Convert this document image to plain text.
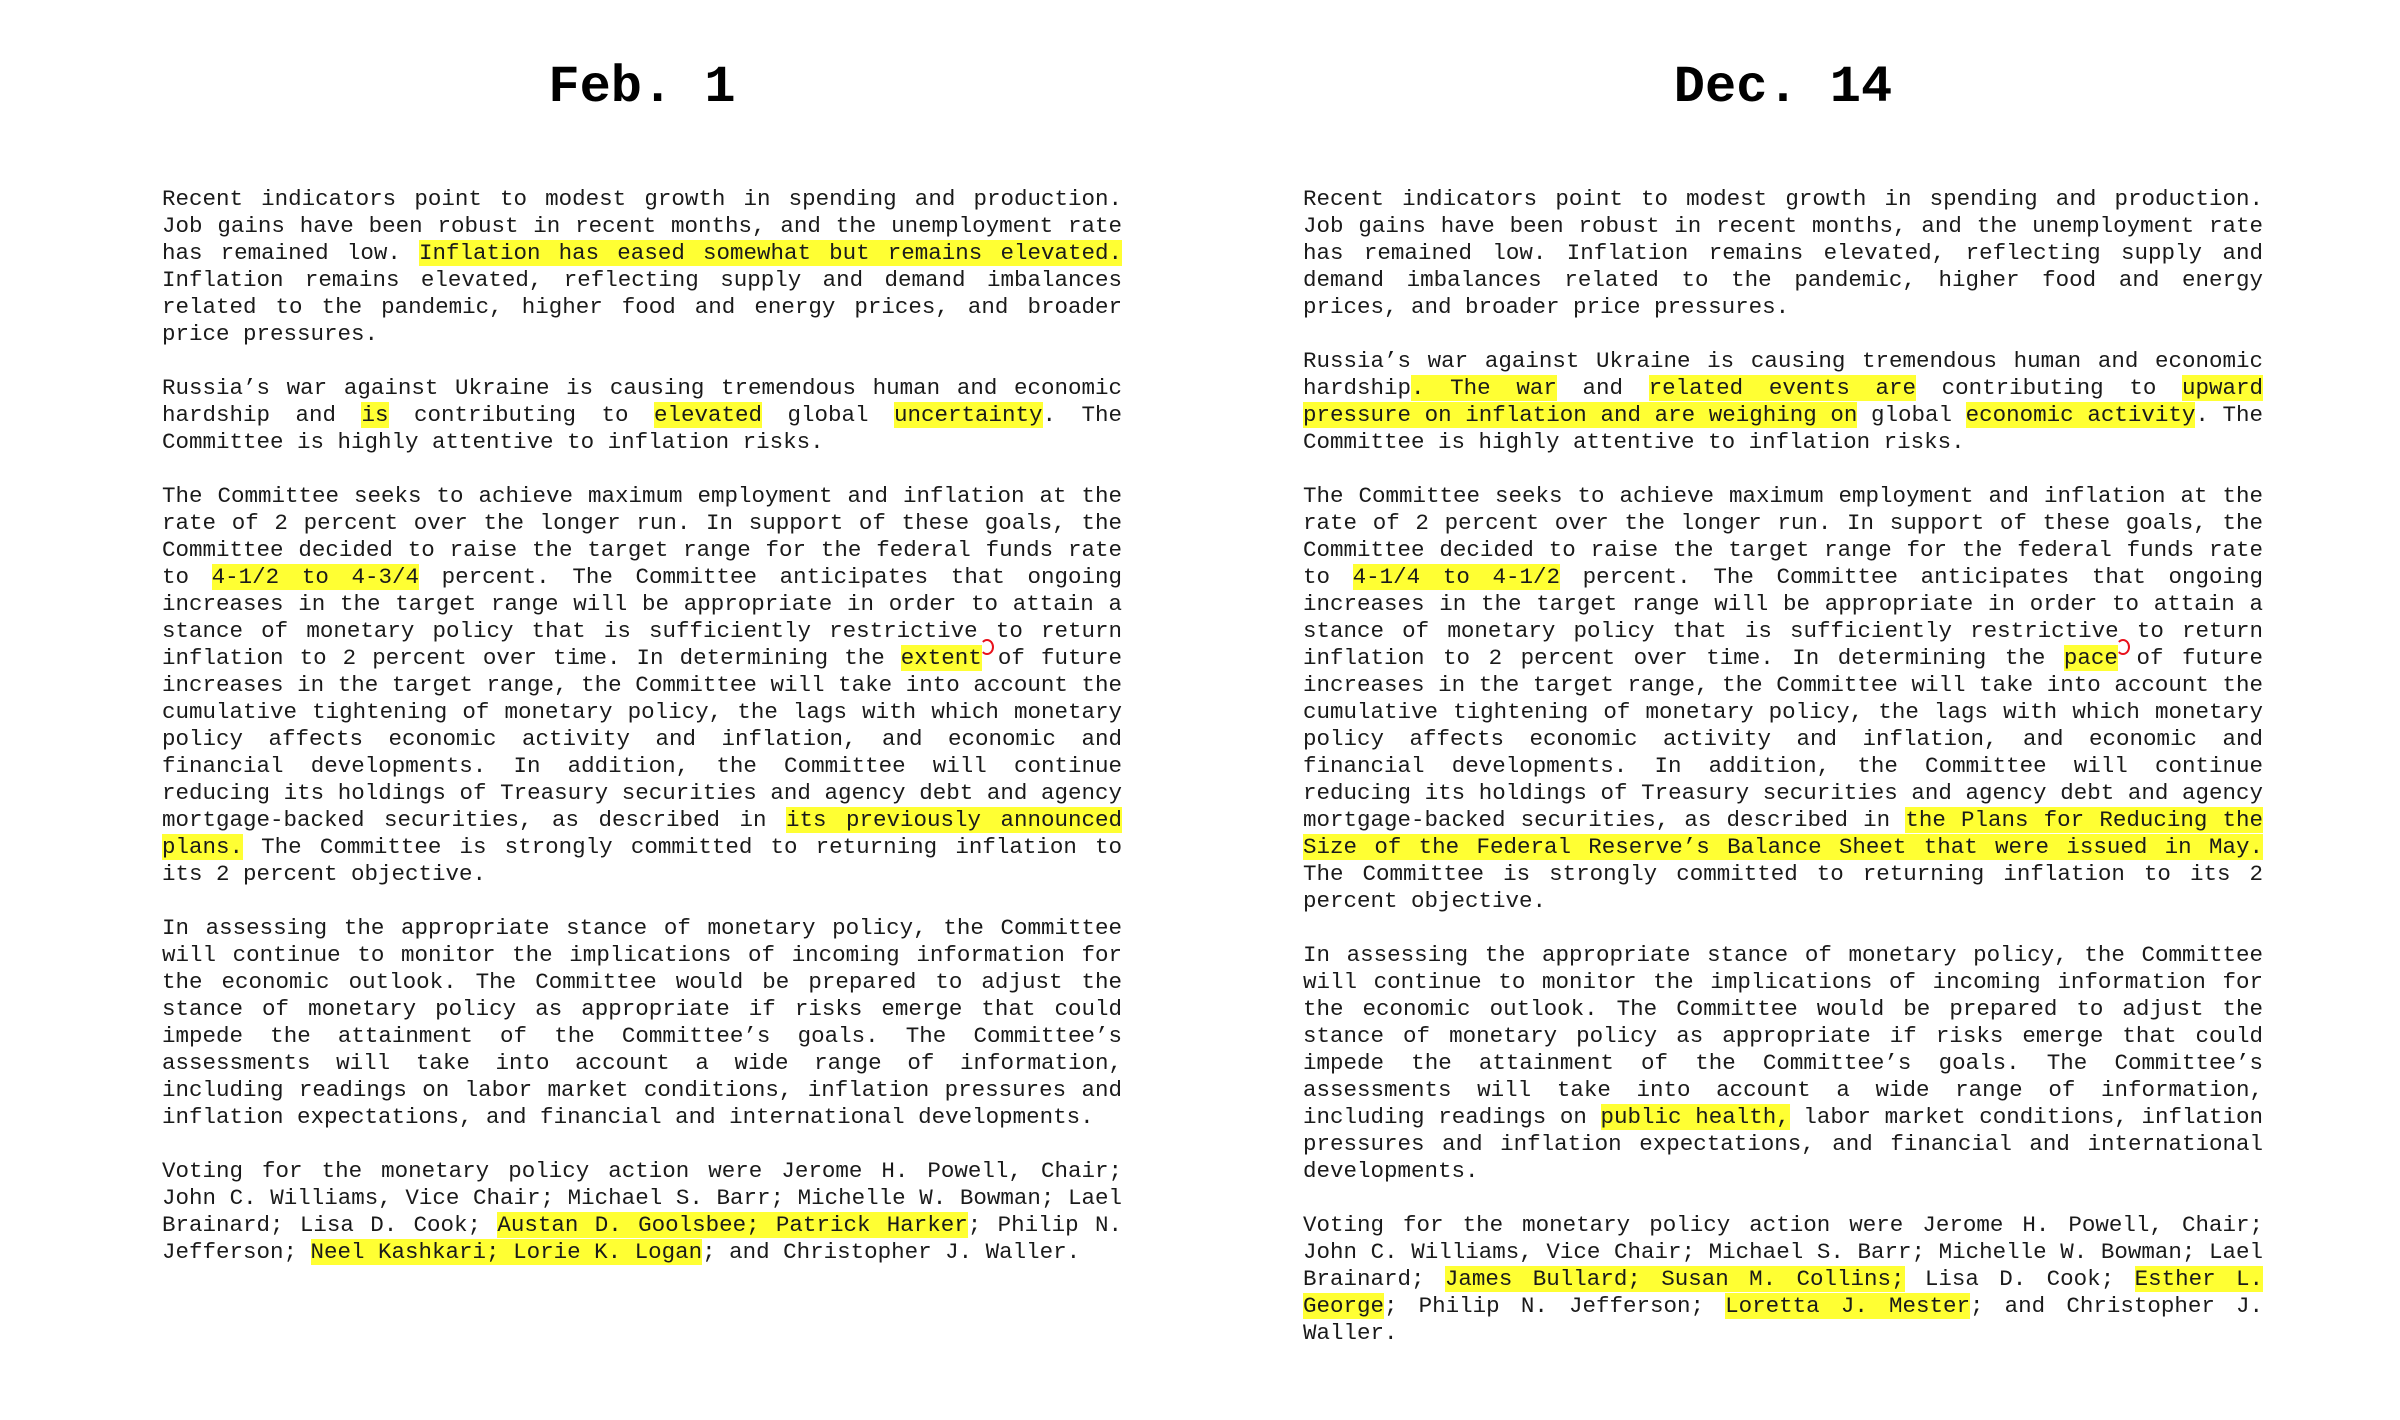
Feb. 1

Recent indicators point to modest growth in spending and production. Job gains have been robust in recent months, and the unemployment rate has remained low. Inflation has eased somewhat but remains elevated. Inflation remains elevated, reflecting supply and demand imbalances related to the pandemic, higher food and energy prices, and broader price pressures.

Russia’s war against Ukraine is causing tremendous human and economic hardship and is contributing to elevated global uncertainty. The Committee is highly attentive to inflation risks.

The Committee seeks to achieve maximum employment and inflation at the rate of 2 percent over the longer run. In support of these goals, the Committee decided to raise the target range for the federal funds rate to 4-1/2 to 4-3/4 percent. The Committee anticipates that ongoing increases in the target range will be appropriate in order to attain a stance of monetary policy that is sufficiently restrictive to return inflation to 2 percent over time. In determining the extent of future increases in the target range, the Committee will take into account the cumulative tightening of monetary policy, the lags with which monetary policy affects economic activity and inflation, and economic and financial developments. In addition, the Committee will continue reducing its holdings of Treasury securities and agency debt and agency mortgage-backed securities, as described in its previously announced plans. The Committee is strongly committed to returning inflation to its 2 percent objective.

In assessing the appropriate stance of monetary policy, the Committee will continue to monitor the implications of incoming information for the economic outlook. The Committee would be prepared to adjust the stance of monetary policy as appropriate if risks emerge that could impede the attainment of the Committee’s goals. The Committee’s assessments will take into account a wide range of information, including readings on labor market conditions, inflation pressures and inflation expectations, and financial and international developments.

Voting for the monetary policy action were Jerome H. Powell, Chair; John C. Williams, Vice Chair; Michael S. Barr; Michelle W. Bowman; Lael Brainard; Lisa D. Cook; Austan D. Goolsbee; Patrick Harker; Philip N. Jefferson; Neel Kashkari; Lorie K. Logan; and Christopher J. Waller.

Dec. 14

Recent indicators point to modest growth in spending and production. Job gains have been robust in recent months, and the unemployment rate has remained low. Inflation remains elevated, reflecting supply and demand imbalances related to the pandemic, higher food and energy prices, and broader price pressures.

Russia’s war against Ukraine is causing tremendous human and economic hardship. The war and related events are contributing to upward pressure on inflation and are weighing on global economic activity. The Committee is highly attentive to inflation risks.

The Committee seeks to achieve maximum employment and inflation at the rate of 2 percent over the longer run. In support of these goals, the Committee decided to raise the target range for the federal funds rate to 4-1/4 to 4-1/2 percent. The Committee anticipates that ongoing increases in the target range will be appropriate in order to attain a stance of monetary policy that is sufficiently restrictive to return inflation to 2 percent over time. In determining the pace of future increases in the target range, the Committee will take into account the cumulative tightening of monetary policy, the lags with which monetary policy affects economic activity and inflation, and economic and financial developments. In addition, the Committee will continue reducing its holdings of Treasury securities and agency debt and agency mortgage-backed securities, as described in the Plans for Reducing the Size of the Federal Reserve’s Balance Sheet that were issued in May. The Committee is strongly committed to returning inflation to its 2 percent objective.

In assessing the appropriate stance of monetary policy, the Committee will continue to monitor the implications of incoming information for the economic outlook. The Committee would be prepared to adjust the stance of monetary policy as appropriate if risks emerge that could impede the attainment of the Committee’s goals. The Committee’s assessments will take into account a wide range of information, including readings on public health, labor market conditions, inflation pressures and inflation expectations, and financial and international developments.

Voting for the monetary policy action were Jerome H. Powell, Chair; John C. Williams, Vice Chair; Michael S. Barr; Michelle W. Bowman; Lael Brainard; James Bullard; Susan M. Collins; Lisa D. Cook; Esther L. George; Philip N. Jefferson; Loretta J. Mester; and Christopher J. Waller.
